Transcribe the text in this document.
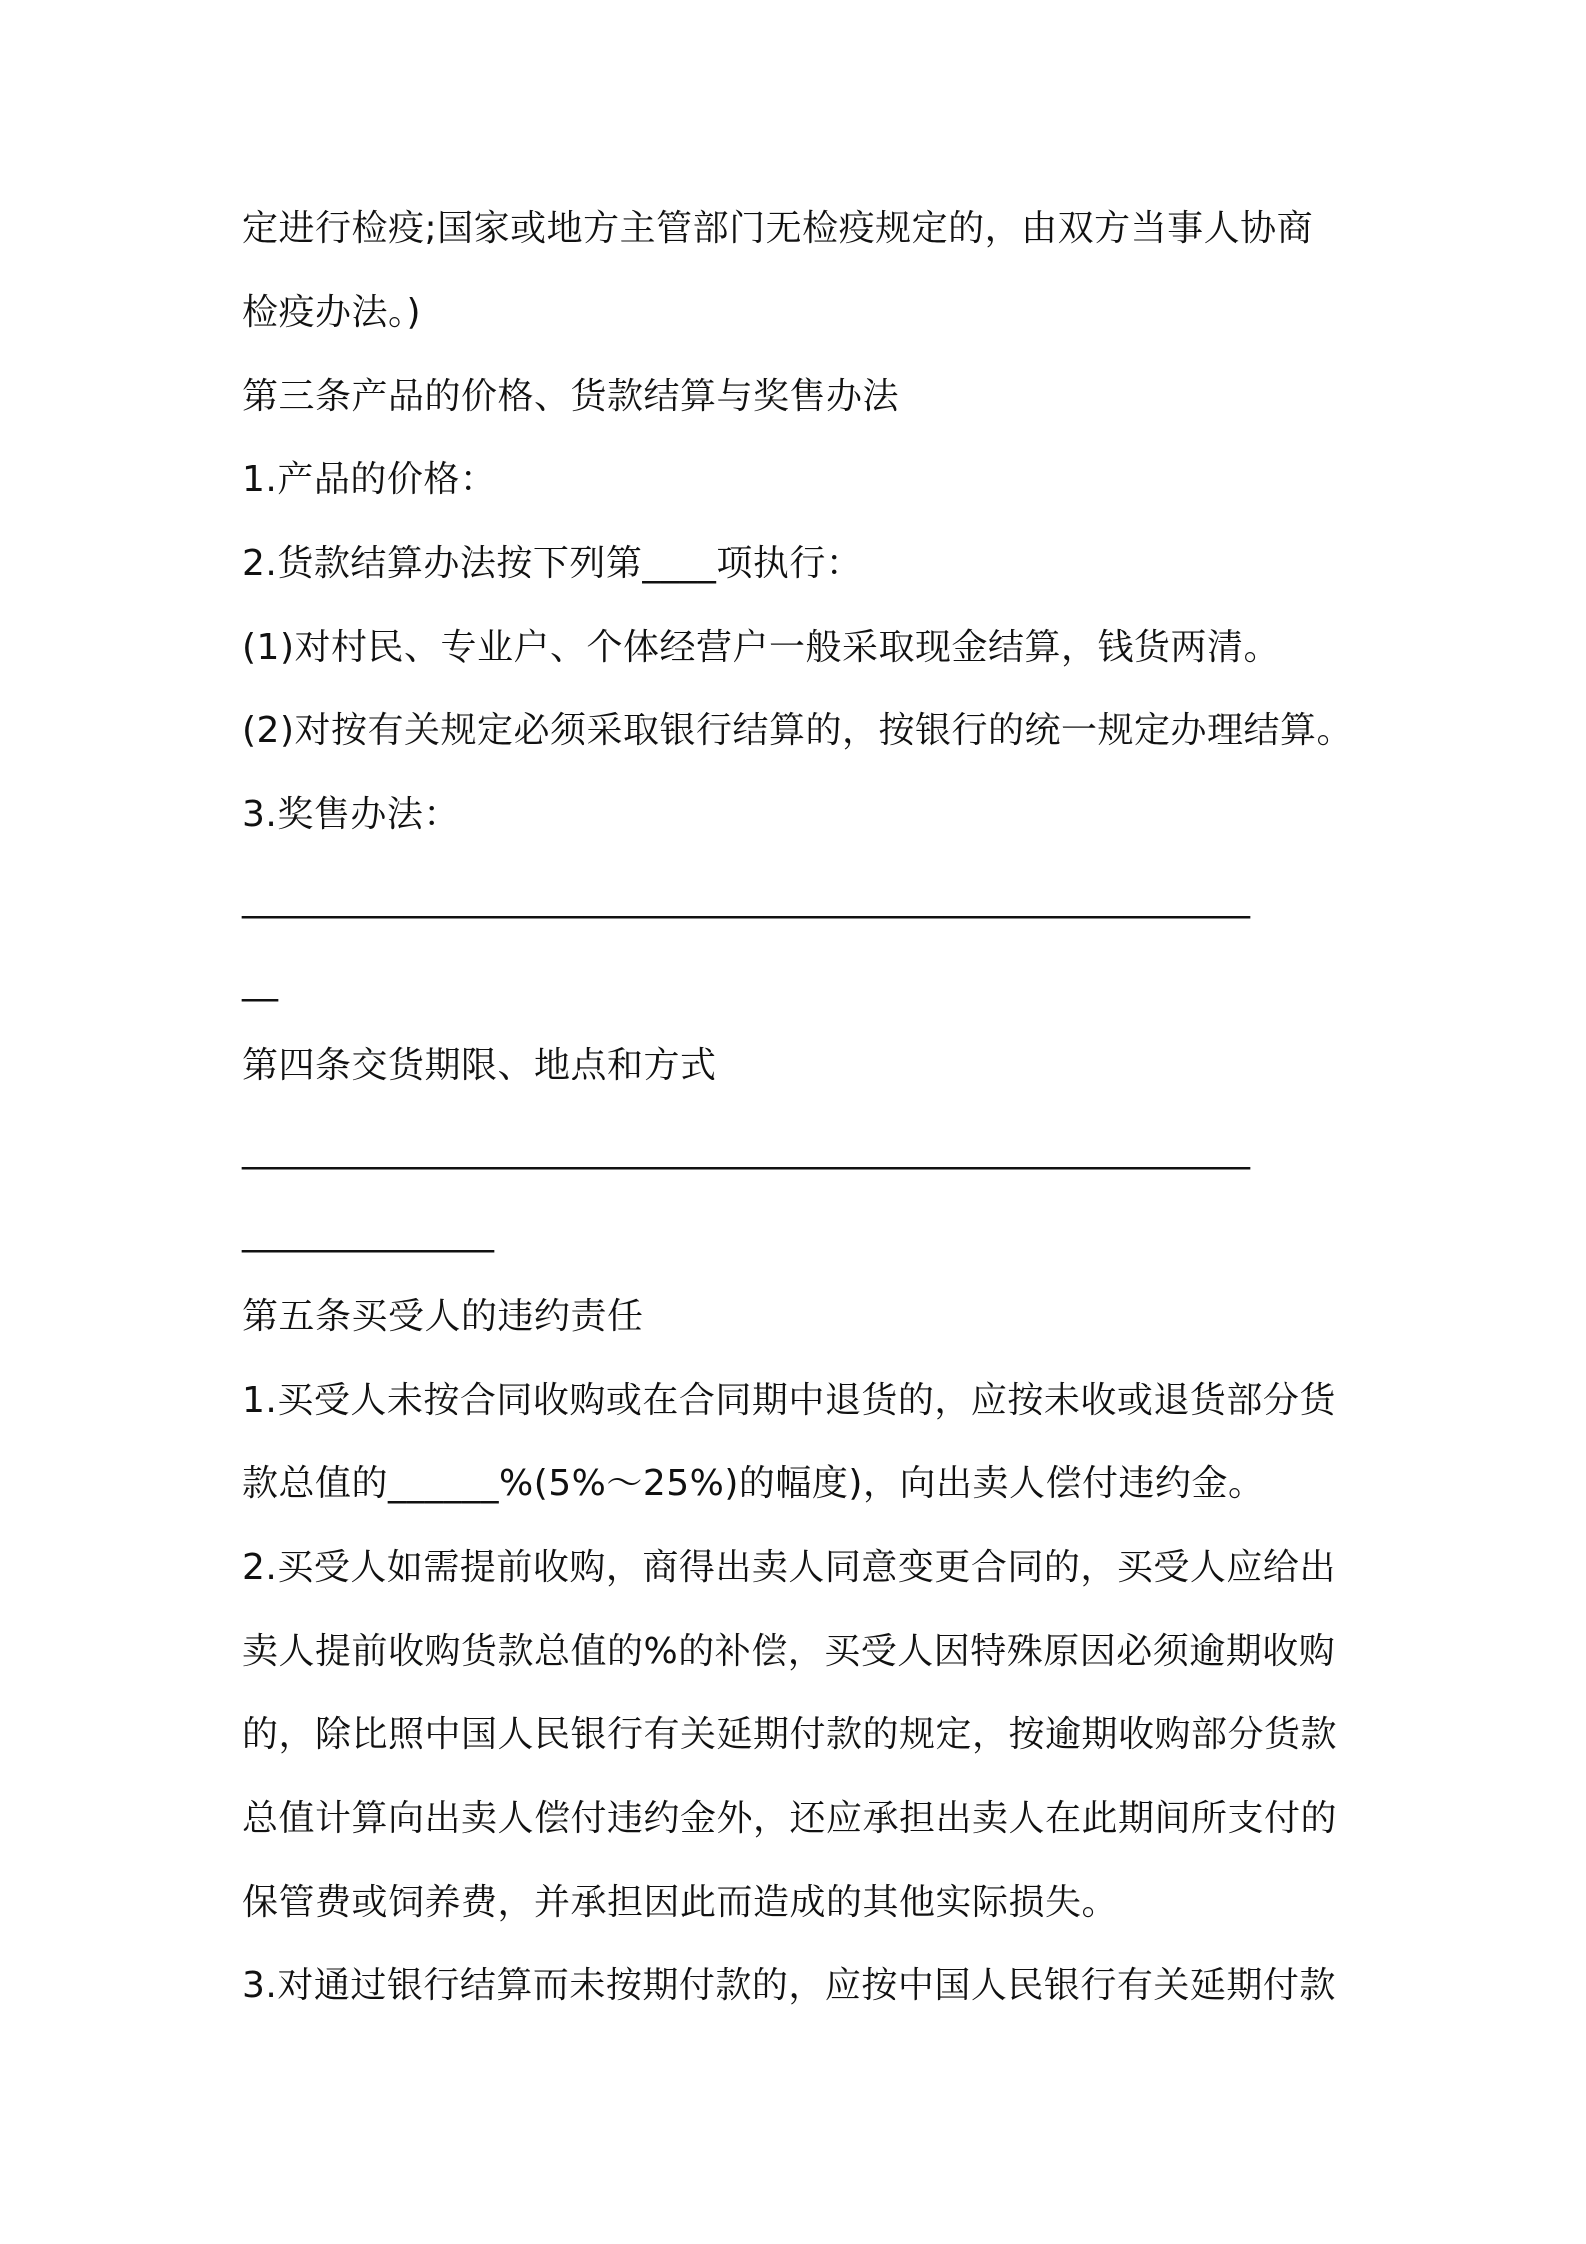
定进行检疫;国家或地方主管部门无检疫规定的，由双方当事人协商
检疫办法。)
第三条产品的价格、货款结算与奖售办法
1.产品的价格：
2.货款结算办法按下列第____项执行：
(1)对村民、专业户、个体经营户一般采取现金结算，钱货两清。
(2)对按有关规定必须采取银行结算的，按银行的统一规定办理结算。
3.奖售办法：
________________________________________________________
__
第四条交货期限、地点和方式
________________________________________________________
______________
第五条买受人的违约责任
1.买受人未按合同收购或在合同期中退货的，应按未收或退货部分货
款总值的______%(5%～25%)的幅度)，向出卖人偿付违约金。
2.买受人如需提前收购，商得出卖人同意变更合同的，买受人应给出
卖人提前收购货款总值的%的补偿，买受人因特殊原因必须逾期收购
的，除比照中国人民银行有关延期付款的规定，按逾期收购部分货款
总值计算向出卖人偿付违约金外，还应承担出卖人在此期间所支付的
保管费或饲养费，并承担因此而造成的其他实际损失。
3.对通过银行结算而未按期付款的，应按中国人民银行有关延期付款
